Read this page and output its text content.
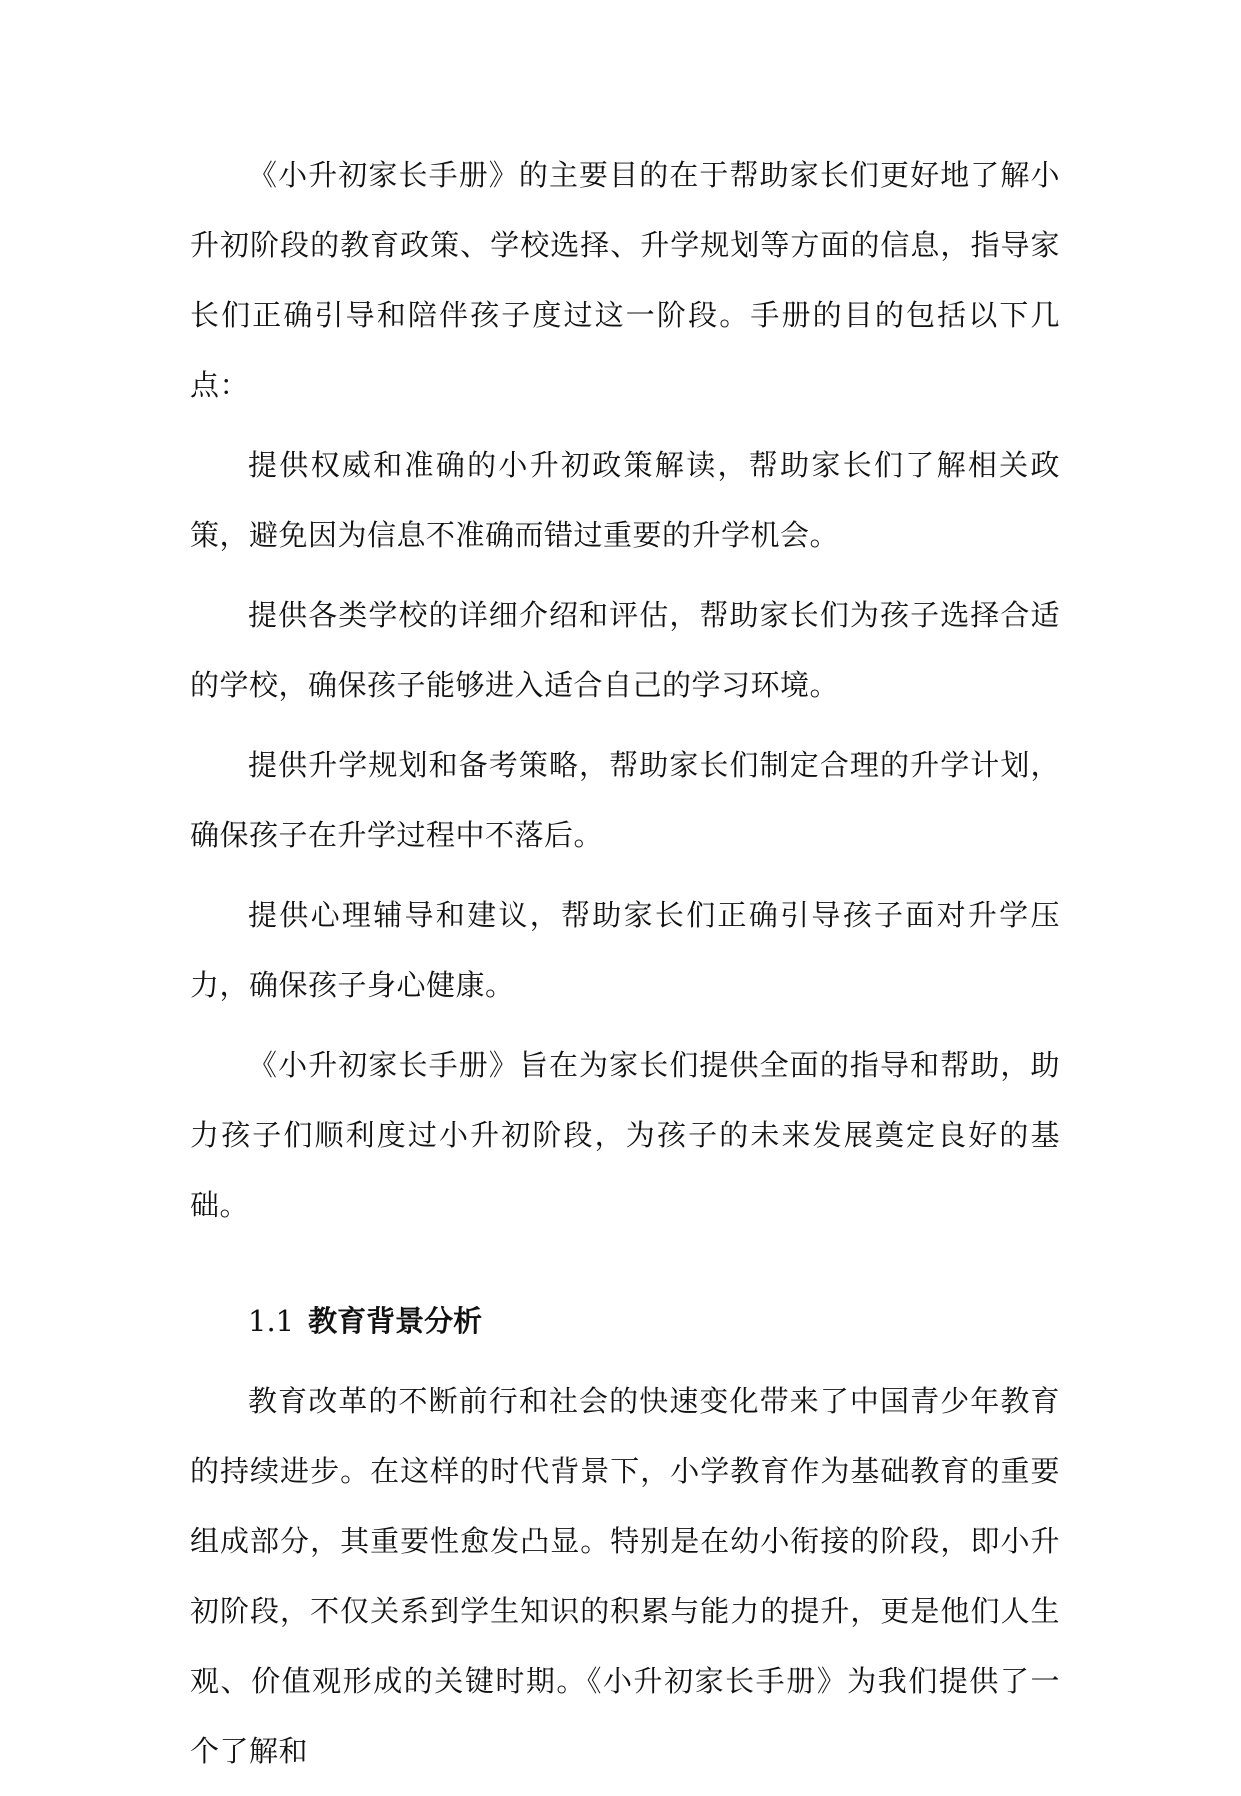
《小升初家长手册》的主要目的在于帮助家长们更好地了解小升初阶段的教育政策、学校选择、升学规划等方面的信息，指导家长们正确引导和陪伴孩子度过这一阶段。手册的目的包括以下几点：

提供权威和准确的小升初政策解读，帮助家长们了解相关政策，避免因为信息不准确而错过重要的升学机会。

提供各类学校的详细介绍和评估，帮助家长们为孩子选择合适的学校，确保孩子能够进入适合自己的学习环境。

提供升学规划和备考策略，帮助家长们制定合理的升学计划，确保孩子在升学过程中不落后。

提供心理辅导和建议，帮助家长们正确引导孩子面对升学压力，确保孩子身心健康。

《小升初家长手册》旨在为家长们提供全面的指导和帮助，助力孩子们顺利度过小升初阶段，为孩子的未来发展奠定良好的基础。

1.1 教育背景分析

教育改革的不断前行和社会的快速变化带来了中国青少年教育的持续进步。在这样的时代背景下，小学教育作为基础教育的重要组成部分，其重要性愈发凸显。特别是在幼小衔接的阶段，即小升初阶段，不仅关系到学生知识的积累与能力的提升，更是他们人生观、价值观形成的关键时期。《小升初家长手册》为我们提供了一个了解和
